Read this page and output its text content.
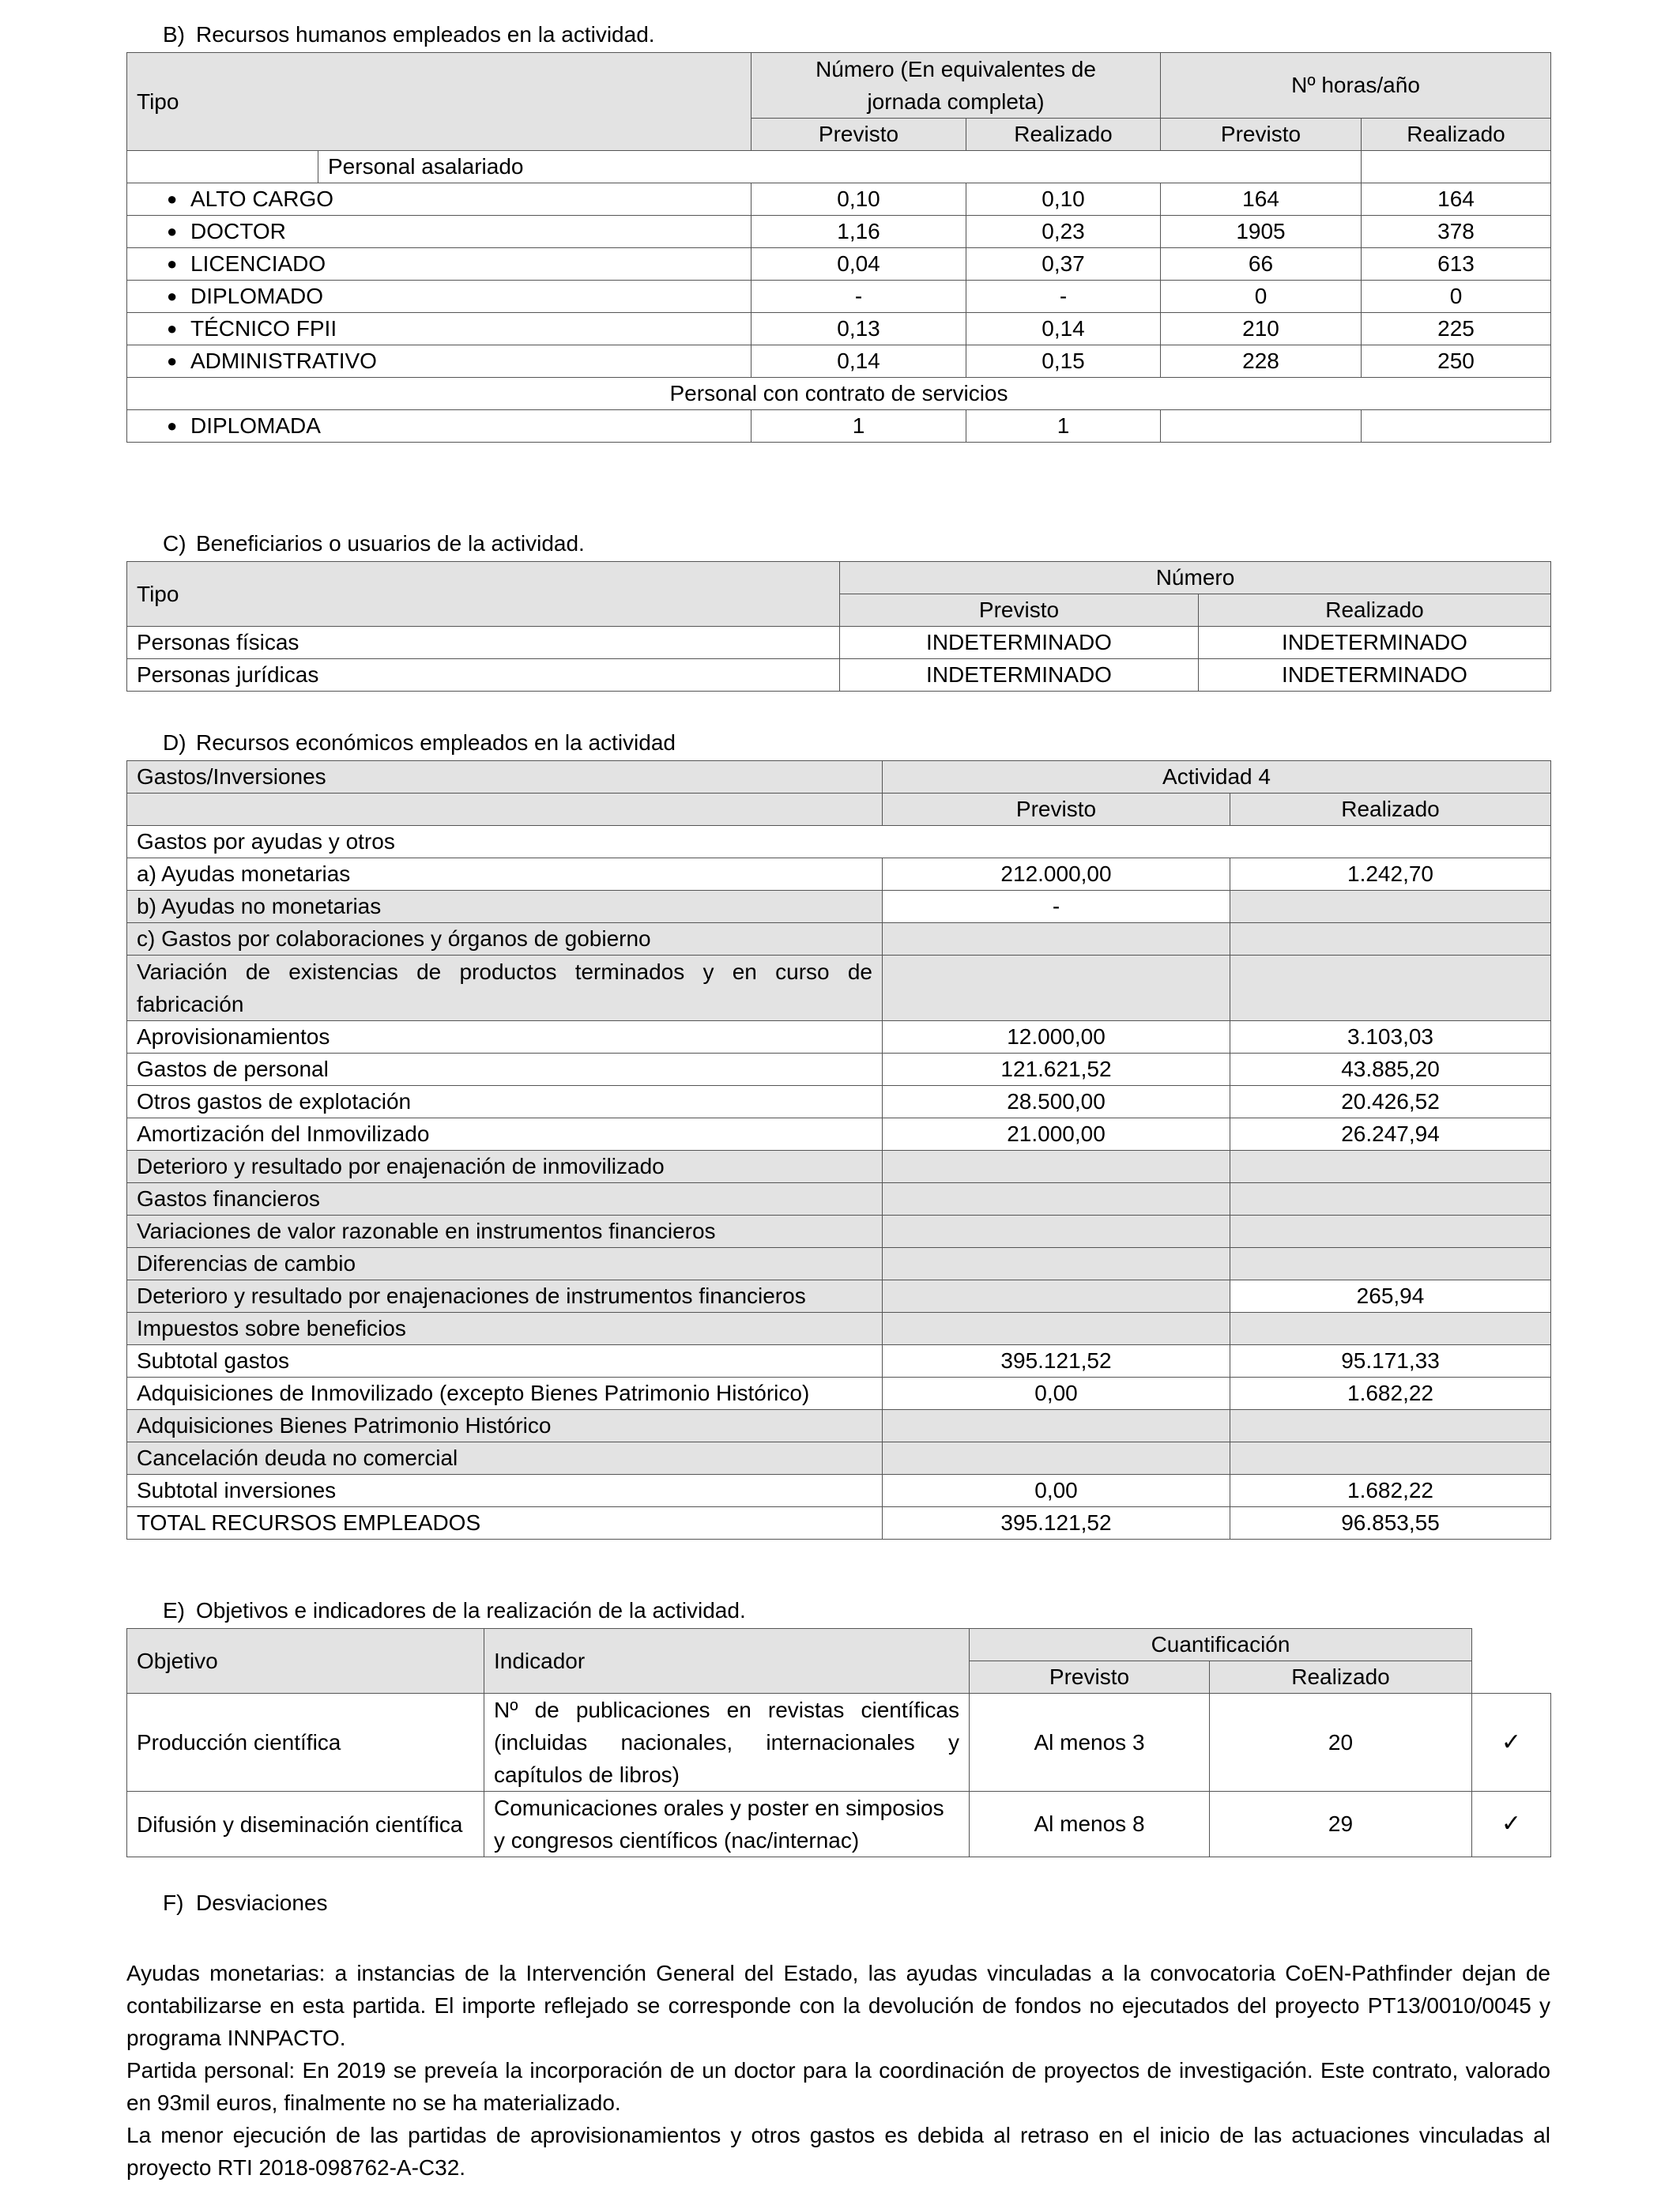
B) Recursos humanos empleados en la actividad.

Tipo		Número (En equivalentes de jornada completa)		Nº horas/año	
		Previsto	Realizado	Previsto	Realizado
	Personal asalariado				
● ALTO CARGO		0,10	0,10	164	164
● DOCTOR		1,16	0,23	1905	378
● LICENCIADO		0,04	0,37	66	613
● DIPLOMADO		-	-	0	0
● TÉCNICO FPII		0,13	0,14	210	225
● ADMINISTRATIVO		0,14	0,15	228	250
Personal con contrato de servicios					
● DIPLOMADA		1	1		

C) Beneficiarios o usuarios de la actividad.

Tipo	Número	
	Previsto	Realizado
Personas físicas	INDETERMINADO	INDETERMINADO
Personas jurídicas	INDETERMINADO	INDETERMINADO

D) Recursos económicos empleados en la actividad

Gastos/Inversiones	Actividad 4	
	Previsto	Realizado
Gastos por ayudas y otros		
a) Ayudas monetarias	212.000,00	1.242,70
b) Ayudas no monetarias	-	
c) Gastos por colaboraciones y órganos de gobierno		
Variación de existencias de productos terminados y en curso de fabricación		
Aprovisionamientos	12.000,00	3.103,03
Gastos de personal	121.621,52	43.885,20
Otros gastos de explotación	28.500,00	20.426,52
Amortización del Inmovilizado	21.000,00	26.247,94
Deterioro y resultado por enajenación de inmovilizado		
Gastos financieros		
Variaciones de valor razonable en instrumentos financieros		
Diferencias de cambio		
Deterioro y resultado por enajenaciones de instrumentos financieros		265,94
Impuestos sobre beneficios		
Subtotal gastos	395.121,52	95.171,33
Adquisiciones de Inmovilizado (excepto Bienes Patrimonio Histórico)	0,00	1.682,22
Adquisiciones Bienes Patrimonio Histórico		
Cancelación deuda no comercial		
Subtotal inversiones	0,00	1.682,22
TOTAL RECURSOS EMPLEADOS	395.121,52	96.853,55

E) Objetivos e indicadores de la realización de la actividad.

Objetivo	Indicador	Cuantificación		
		Previsto	Realizado	
Producción científica	Nº de publicaciones en revistas científicas (incluidas nacionales, internacionales y capítulos de libros)	Al menos 3	20	✓
Difusión y diseminación científica	Comunicaciones orales y poster en simposios y congresos científicos (nac/internac)	Al menos 8	29	✓

F) Desviaciones

Ayudas monetarias: a instancias de la Intervención General del Estado, las ayudas vinculadas a la convocatoria CoEN-Pathfinder dejan de contabilizarse en esta partida. El importe reflejado se corresponde con la devolución de fondos no ejecutados del proyecto PT13/0010/0045 y programa INNPACTO.

Partida personal: En 2019 se preveía la incorporación de un doctor para la coordinación de proyectos de investigación. Este contrato, valorado en 93mil euros, finalmente no se ha materializado.

La menor ejecución de las partidas de aprovisionamientos y otros gastos es debida al retraso en el inicio de las actuaciones vinculadas al proyecto RTI 2018-098762-A-C32.
